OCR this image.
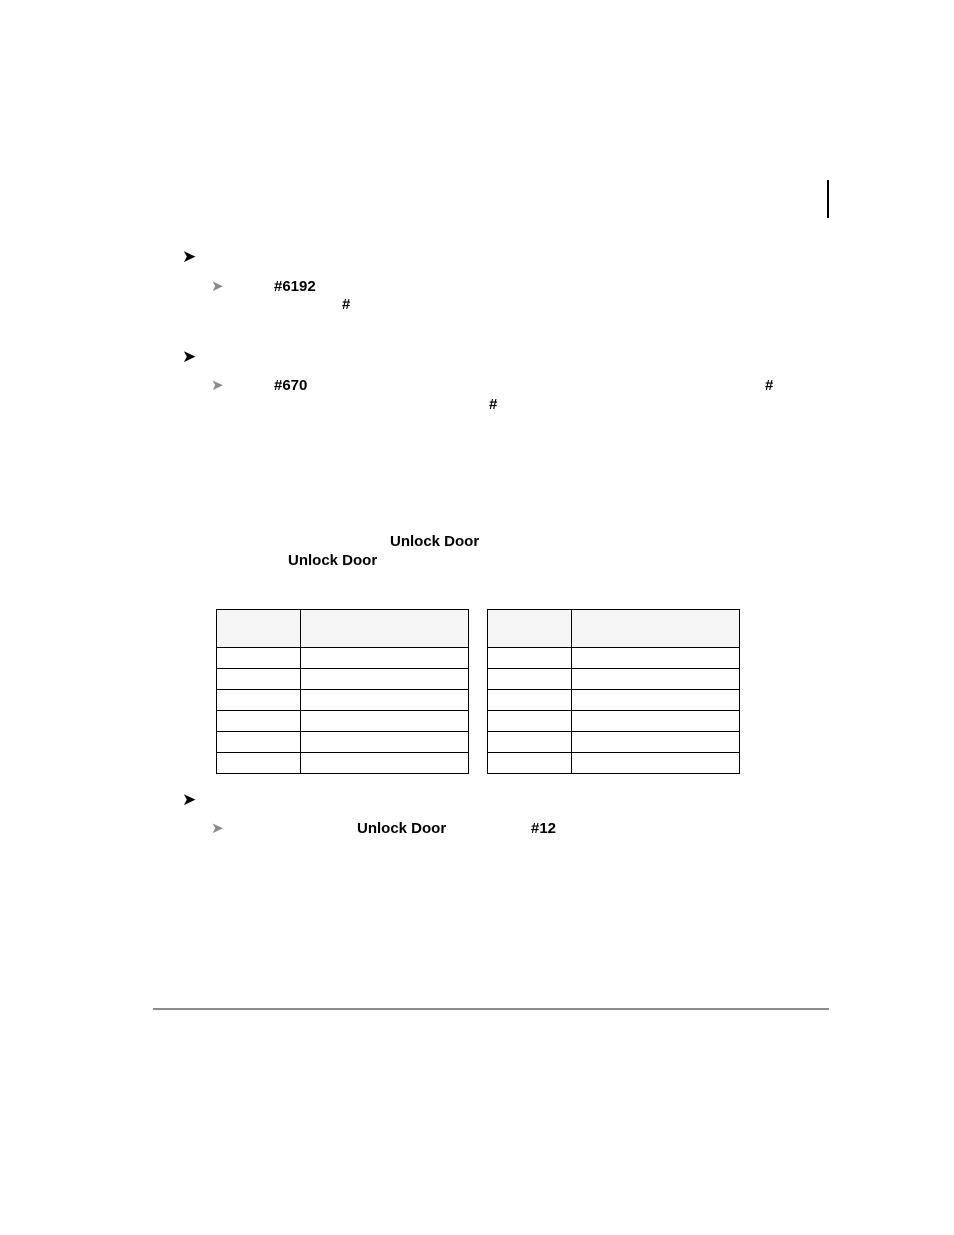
➤
➤	#6192
#
➤
➤	#670	#
#
Unlock Door
Unlock Door

➤
➤	Unlock Door	#12
